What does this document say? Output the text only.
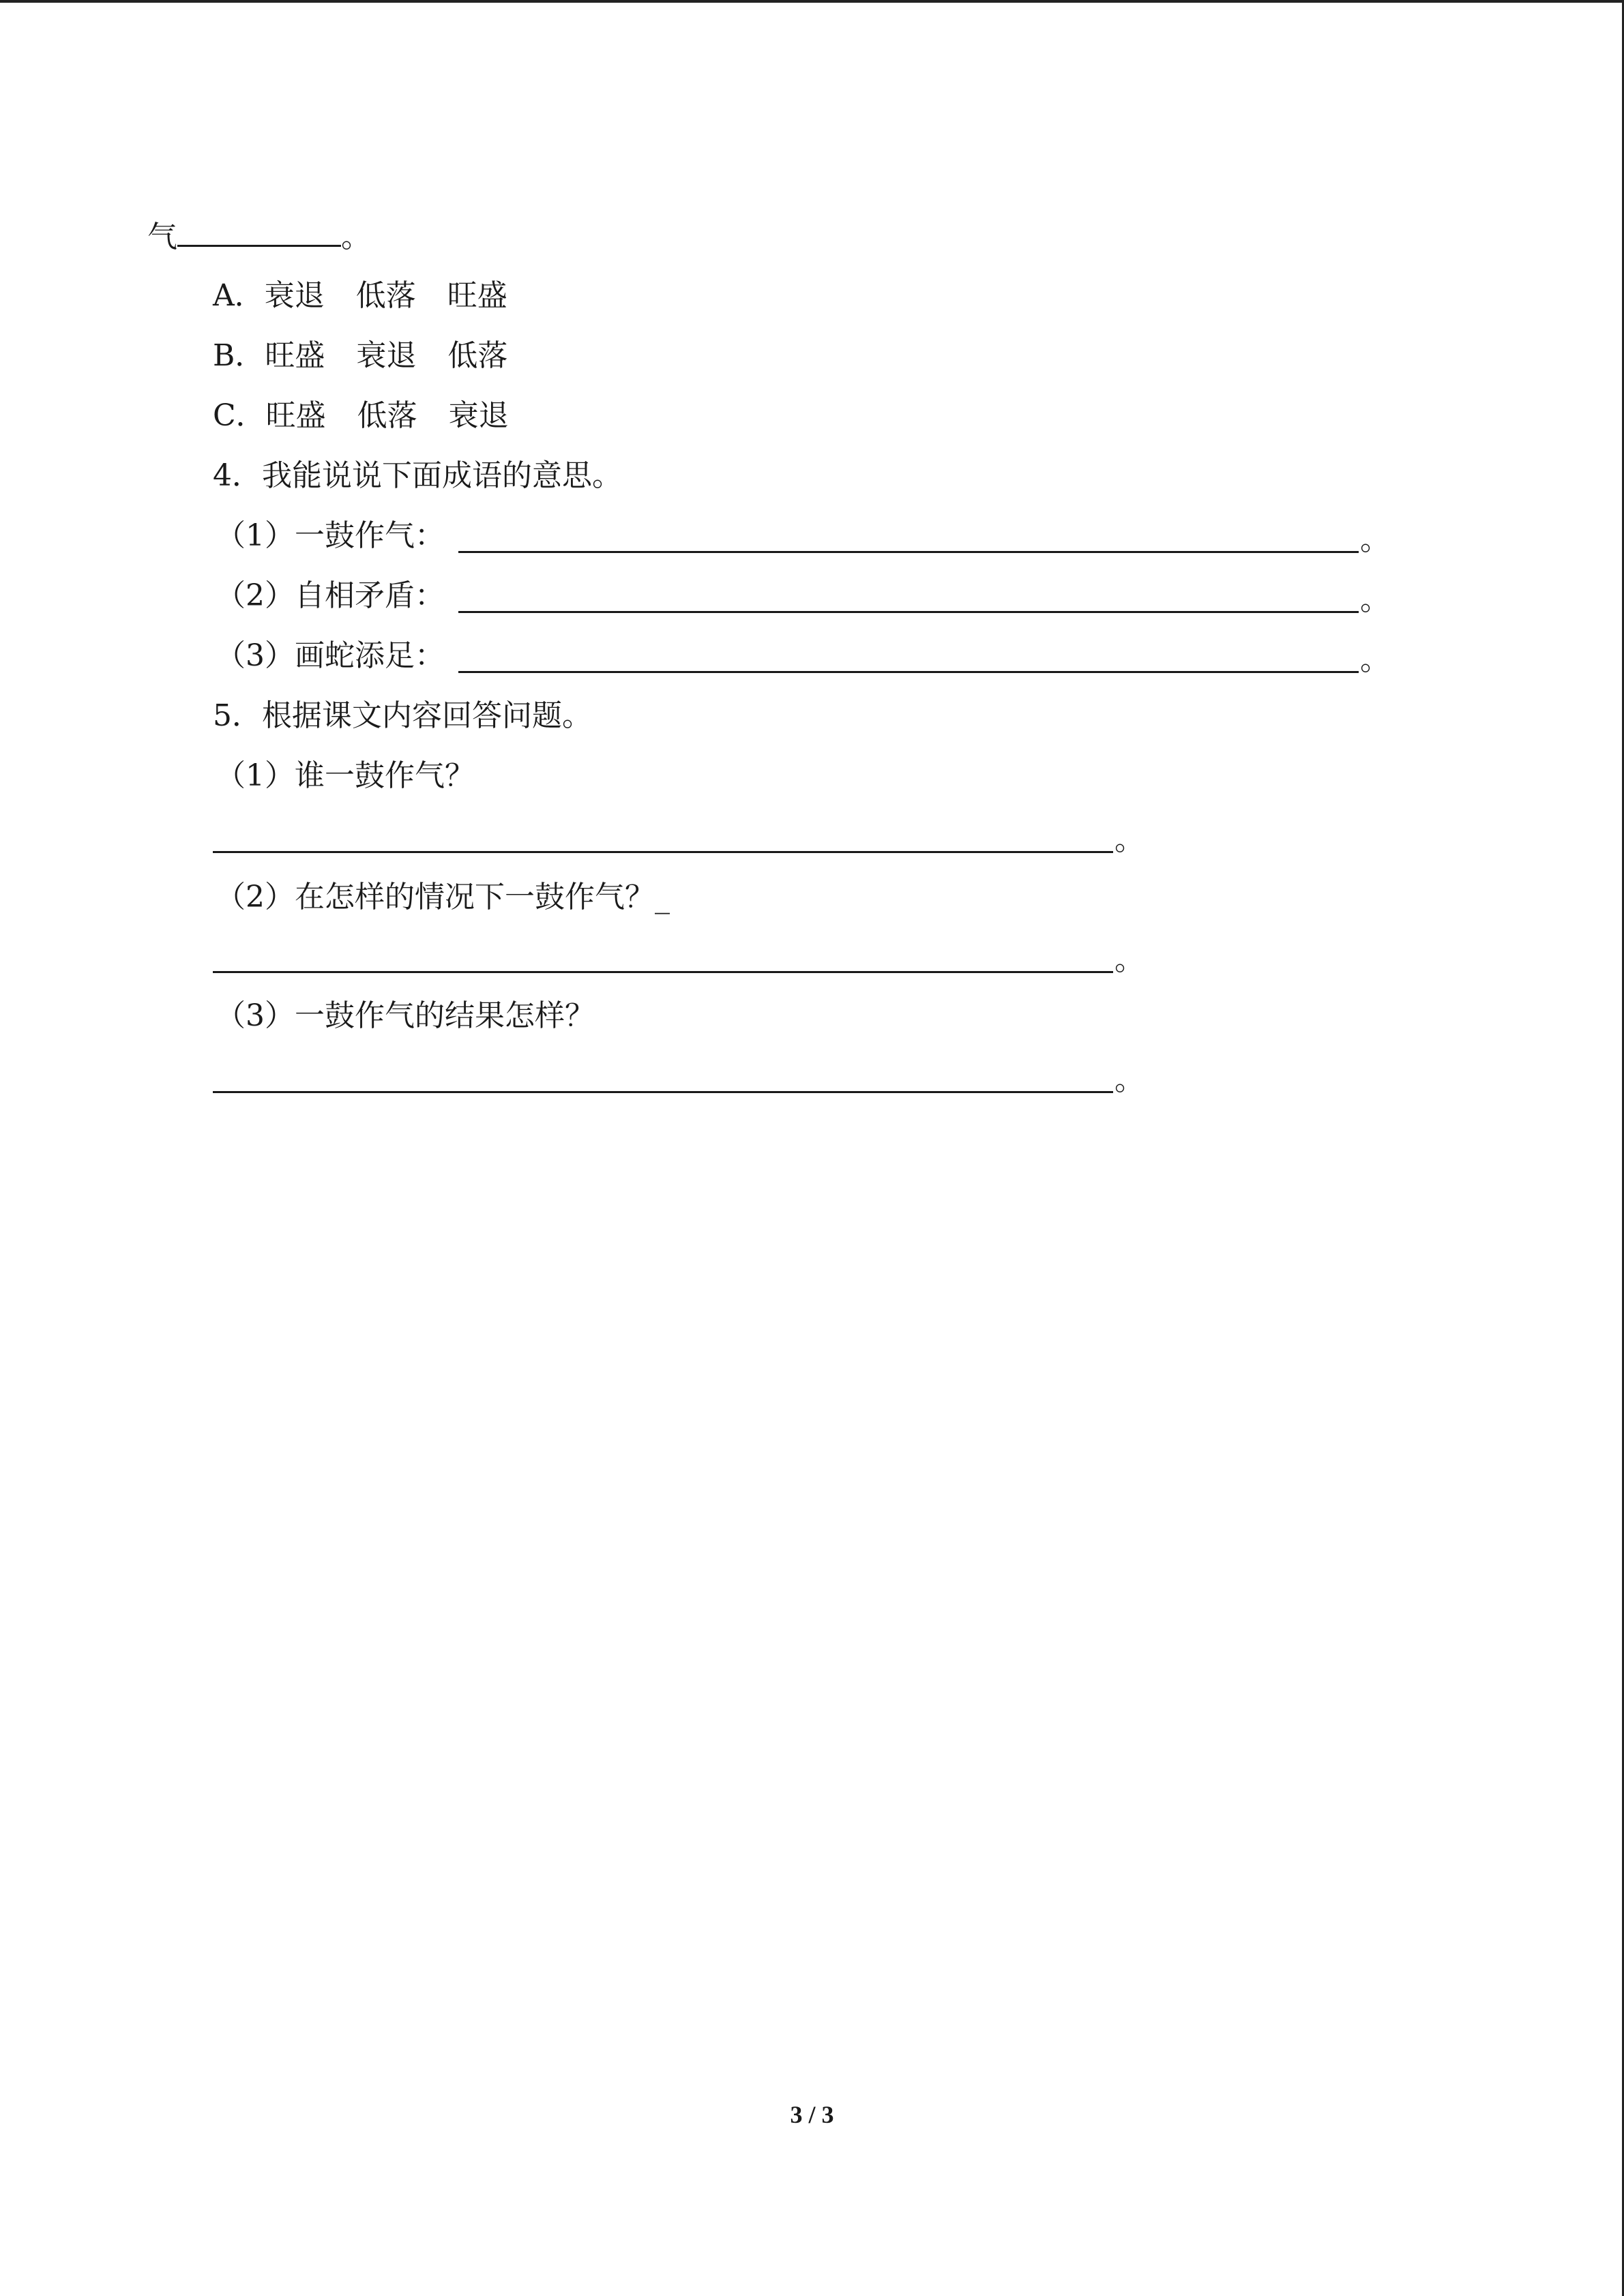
气	。
A．衰退 低落 旺盛
B．旺盛 衰退 低落
C．旺盛 低落 衰退
4．我能说说下面成语的意思。
（1）一鼓作气：	。
（2）自相矛盾：	。
（3）画蛇添足：	。
5．根据课文内容回答问题。
（1）谁一鼓作气？
。
（2）在怎样的情况下一鼓作气？_
。
（3）一鼓作气的结果怎样？
。
3 / 3
